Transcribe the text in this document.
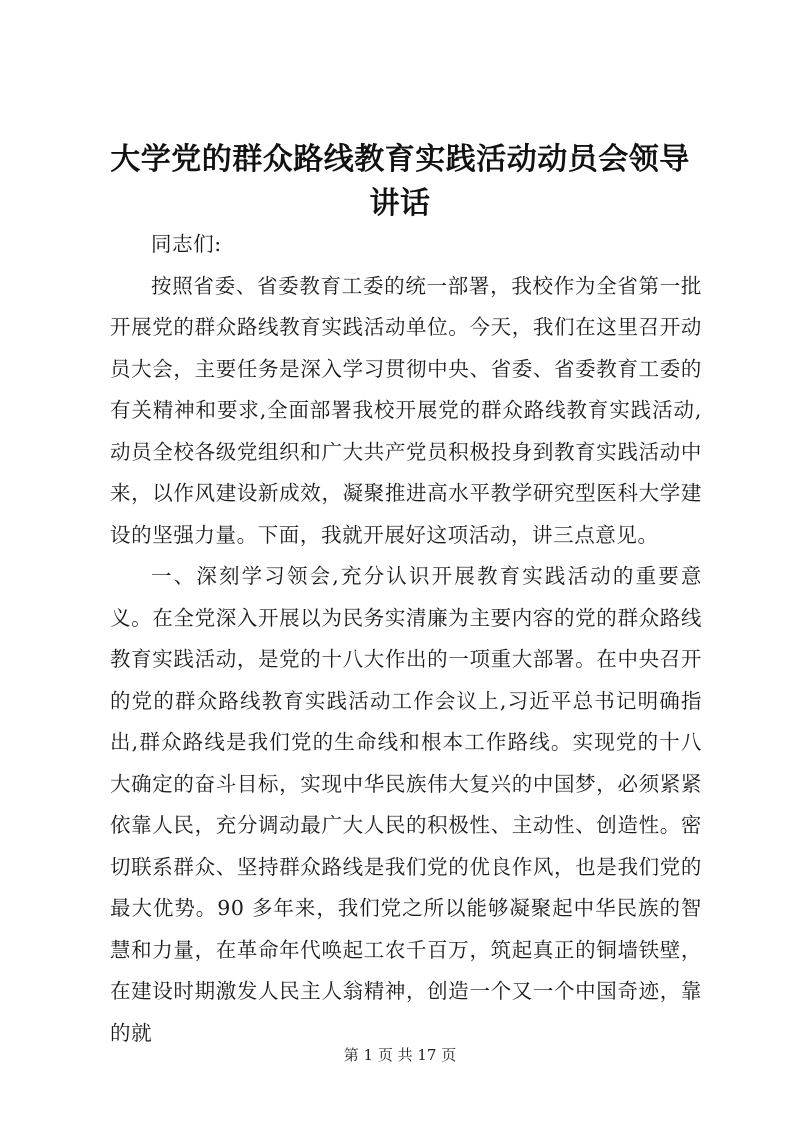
大学党的群众路线教育实践活动动员会领导讲话

同志们:

按照省委、省委教育工委的统一部署，我校作为全省第一批开展党的群众路线教育实践活动单位。今天，我们在这里召开动员大会，主要任务是深入学习贯彻中央、省委、省委教育工委的有关精神和要求,全面部署我校开展党的群众路线教育实践活动,动员全校各级党组织和广大共产党员积极投身到教育实践活动中来，以作风建设新成效，凝聚推进高水平教学研究型医科大学建设的坚强力量。下面，我就开展好这项活动，讲三点意见。

一、深刻学习领会,充分认识开展教育实践活动的重要意义。在全党深入开展以为民务实清廉为主要内容的党的群众路线教育实践活动，是党的十八大作出的一项重大部署。在中央召开的党的群众路线教育实践活动工作会议上,习近平总书记明确指出,群众路线是我们党的生命线和根本工作路线。实现党的十八大确定的奋斗目标，实现中华民族伟大复兴的中国梦，必须紧紧依靠人民，充分调动最广大人民的积极性、主动性、创造性。密切联系群众、坚持群众路线是我们党的优良作风，也是我们党的最大优势。90 多年来，我们党之所以能够凝聚起中华民族的智慧和力量，在革命年代唤起工农千百万，筑起真正的铜墙铁壁，在建设时期激发人民主人翁精神，创造一个又一个中国奇迹，靠的就

第 1 页 共 17 页
